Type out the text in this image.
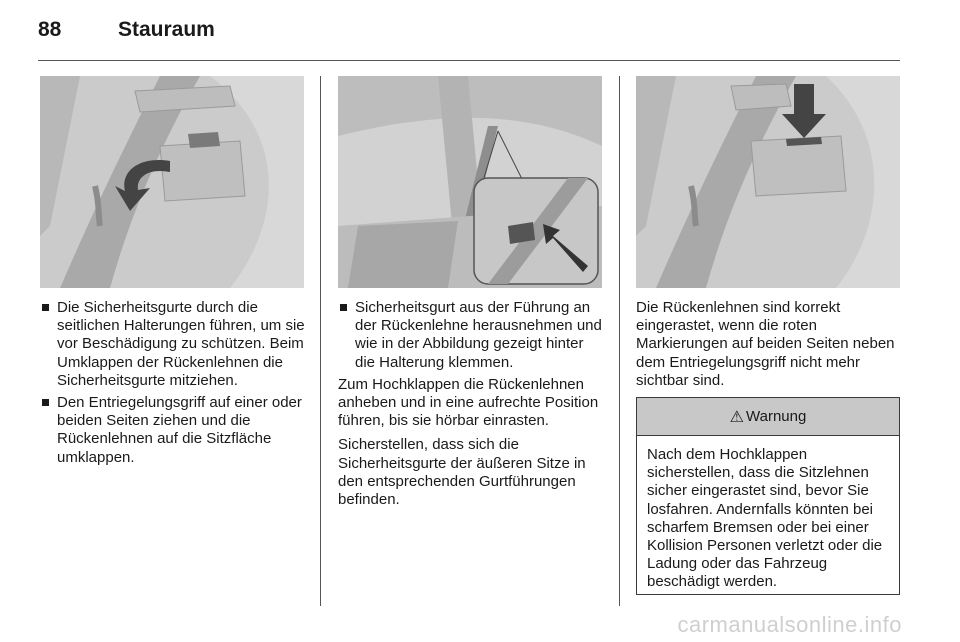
88	Stauraum
Die Sicherheitsgurte durch die seitlichen Halterungen führen, um sie vor Beschädigung zu schützen. Beim Umklappen der Rückenlehnen die Sicherheitsgurte mitziehen.
Den Entriegelungsgriff auf einer oder beiden Seiten ziehen und die Rückenlehnen auf die Sitzfläche umklappen.
Sicherheitsgurt aus der Führung an der Rückenlehne herausnehmen und wie in der Abbildung gezeigt hinter die Halterung klemmen.

Zum Hochklappen die Rückenlehnen anheben und in eine aufrechte Position führen, bis sie hörbar einrasten.

Sicherstellen, dass sich die Sicherheitsgurte der äußeren Sitze in den entsprechenden Gurtführungen befinden.

Die Rückenlehnen sind korrekt eingerastet, wenn die roten Markierungen auf beiden Seiten neben dem Entriegelungsgriff nicht mehr sichtbar sind.

⚠ Warnung
Nach dem Hochklappen sicherstellen, dass die Sitzlehnen sicher eingerastet sind, bevor Sie losfahren. Andernfalls könnten bei scharfem Bremsen oder bei einer Kollision Personen verletzt oder die Ladung oder das Fahrzeug beschädigt werden.
carmanualsonline.info
